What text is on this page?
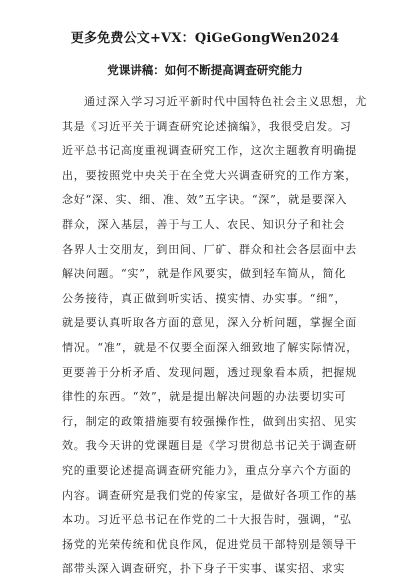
更多免费公文+VX：QiGeGongWen2024
党课讲稿：如何不断提高调查研究能力
通过深入学习习近平新时代中国特色社会主义思想，尤
其是《习近平关于调查研究论述摘编》，我很受启发。习
近平总书记高度重视调查研究工作，这次主题教育明确提
出，要按照党中央关于在全党大兴调查研究的工作方案，
念好“深、实、细、准、效”五字诀。“深”，就是要深入
群众，深入基层，善于与工人、农民、知识分子和社会
各界人士交朋友，到田间、厂矿、群众和社会各层面中去
解决问题。“实”，就是作风要实，做到轻车简从，简化
公务接待，真正做到听实话、摸实情、办实事。“细”，
就是要认真听取各方面的意见，深入分析问题，掌握全面
情况。“准”，就是不仅要全面深入细致地了解实际情况，
更要善于分析矛盾、发现问题，透过现象看本质，把握规
律性的东西。“效”，就是提出解决问题的办法要切实可
行，制定的政策措施要有较强操作性，做到出实招、见实
效。我今天讲的党课题目是《学习贯彻总书记关于调查研
究的重要论述提高调查研究能力》，重点分享六个方面的
内容。调查研究是我们党的传家宝，是做好各项工作的基
本功。习近平总书记在作党的二十大报告时，强调，“弘
扬党的光荣传统和优良作风，促进党员干部特别是领导干
部带头深入调查研究，扑下身子干实事、谋实招、求实
